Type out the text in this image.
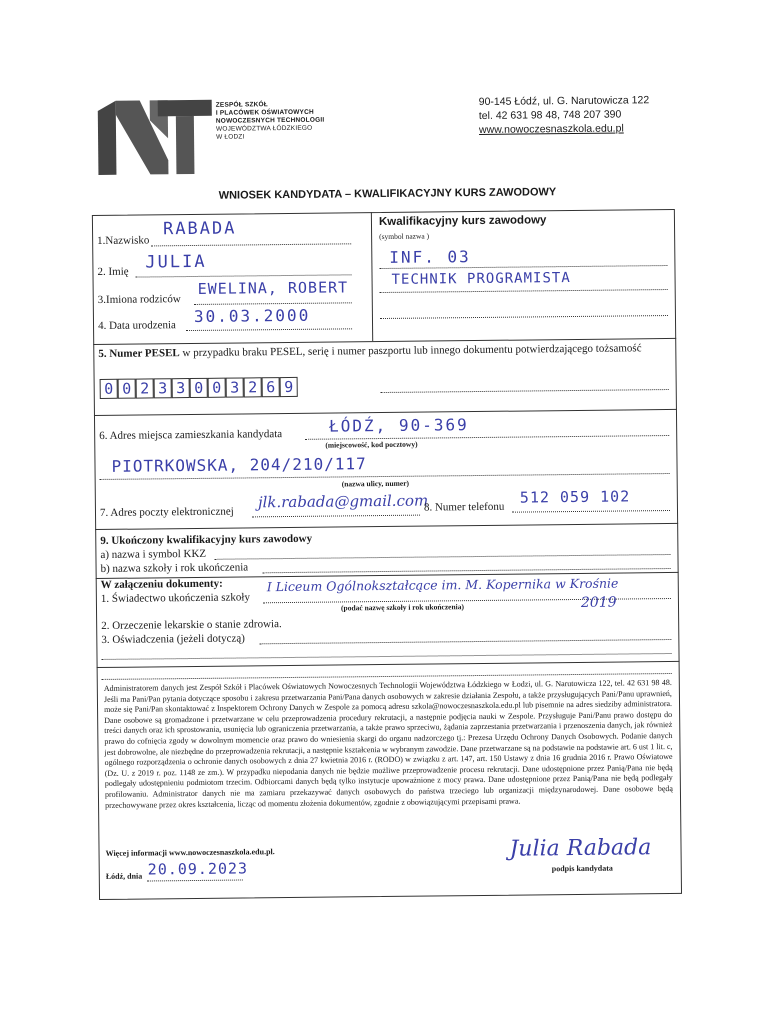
ZESPÓŁ SZKÓŁ
I PLACÓWEK OŚWIATOWYCH
NOWOCZESNYCH TECHNOLOGII
WOJEWÓDZTWA ŁÓDZKIEGO
W ŁODZI
90-145 Łódź, ul. G. Narutowicza 122
tel. 42 631 98 48, 748 207 390
www.nowoczesnaszkola.edu.pl
WNIOSEK KANDYDATA – KWALIFIKACYJNY KURS ZAWODOWY
1.Nazwisko
RABADA
2. Imię JULIA
3.Imiona rodziców
EWELINA, ROBERT
4. Data urodzenia 30.03.2000
Kwalifikacyjny kurs zawodowy
(symbol nazwa )
INF. 03
TECHNIK PROGRAMISTA
5. Numer PESEL w przypadku braku PESEL, serię i numer paszportu lub innego dokumentu potwierdzającego tożsamość
0 0 2 3 3 0 0 3 2 6 9
6. Adres miejsca zamieszkania kandydata	ŁÓDŹ, 90-369
(miejscowość, kod pocztowy)
PIOTRKOWSKA, 204/210/117
(nazwa ulicy, numer)
7. Adres poczty elektronicznej
jlk.rabada@gmail.com
8. Numer telefonu
512 059 102
9. Ukończony kwalifikacyjny kurs zawodowy
a) nazwa i symbol KKZ
b) nazwa szkoły i rok ukończenia
W załączeniu dokumenty:
1. Świadectwo ukończenia szkoły
I Liceum Ogólnokształcące im. M. Kopernika w Krośnie
(podać nazwę szkoły i rok ukończenia)	2019
2. Orzeczenie lekarskie o stanie zdrowia.
3. Oświadczenia (jeżeli dotyczą)
Administratorem danych jest Zespół Szkół i Placówek Oświatowych Nowoczesnych Technologii Województwa Łódzkiego w Łodzi, ul. G. Narutowicza 122, tel. 42 631 98 48. Jeśli ma Pani/Pan pytania dotyczące sposobu i zakresu przetwarzania Pani/Pana danych osobowych w zakresie działania Zespołu, a także przysługujących Pani/Panu uprawnień, może się Pani/Pan skontaktować z Inspektorem Ochrony Danych w Zespole za pomocą adresu szkola@nowoczesnaszkola.edu.pl lub pisemnie na adres siedziby administratora. Dane osobowe są gromadzone i przetwarzane w celu przeprowadzenia procedury rekrutacji, a następnie podjęcia nauki w Zespole. Przysługuje Pani/Panu prawo dostępu do treści danych oraz ich sprostowania, usunięcia lub ograniczenia przetwarzania, a także prawo sprzeciwu, żądania zaprzestania przetwarzania i przenoszenia danych, jak również prawo do cofnięcia zgody w dowolnym momencie oraz prawo do wniesienia skargi do organu nadzorczego tj.: Prezesa Urzędu Ochrony Danych Osobowych. Podanie danych jest dobrowolne, ale niezbędne do przeprowadzenia rekrutacji, a następnie kształcenia w wybranym zawodzie. Dane przetwarzane są na podstawie na podstawie art. 6 ust 1 lit. c, ogólnego rozporządzenia o ochronie danych osobowych z dnia 27 kwietnia 2016 r. (RODO) w związku z art. 147, art. 150 Ustawy z dnia 16 grudnia 2016 r. Prawo Oświatowe (Dz. U. z 2019 r. poz. 1148 ze zm.). W przypadku niepodania danych nie będzie możliwe przeprowadzenie procesu rekrutacji. Dane udostępnione przez Panią/Pana nie będą podlegały udostępnieniu podmiotom trzecim. Odbiorcami danych będą tylko instytucje upoważnione z mocy prawa. Dane udostępnione przez Panią/Pana nie będą podlegały profilowaniu. Administrator danych nie ma zamiaru przekazywać danych osobowych do państwa trzeciego lub organizacji międzynarodowej. Dane osobowe będą przechowywane przez okres kształcenia, licząc od momentu złożenia dokumentów, zgodnie z obowiązującymi przepisami prawa.
Więcej informacji www.nowoczesnaszkola.edu.pl.
Łódź, dnia 20.09.2023
Julia Rabada
podpis kandydata
